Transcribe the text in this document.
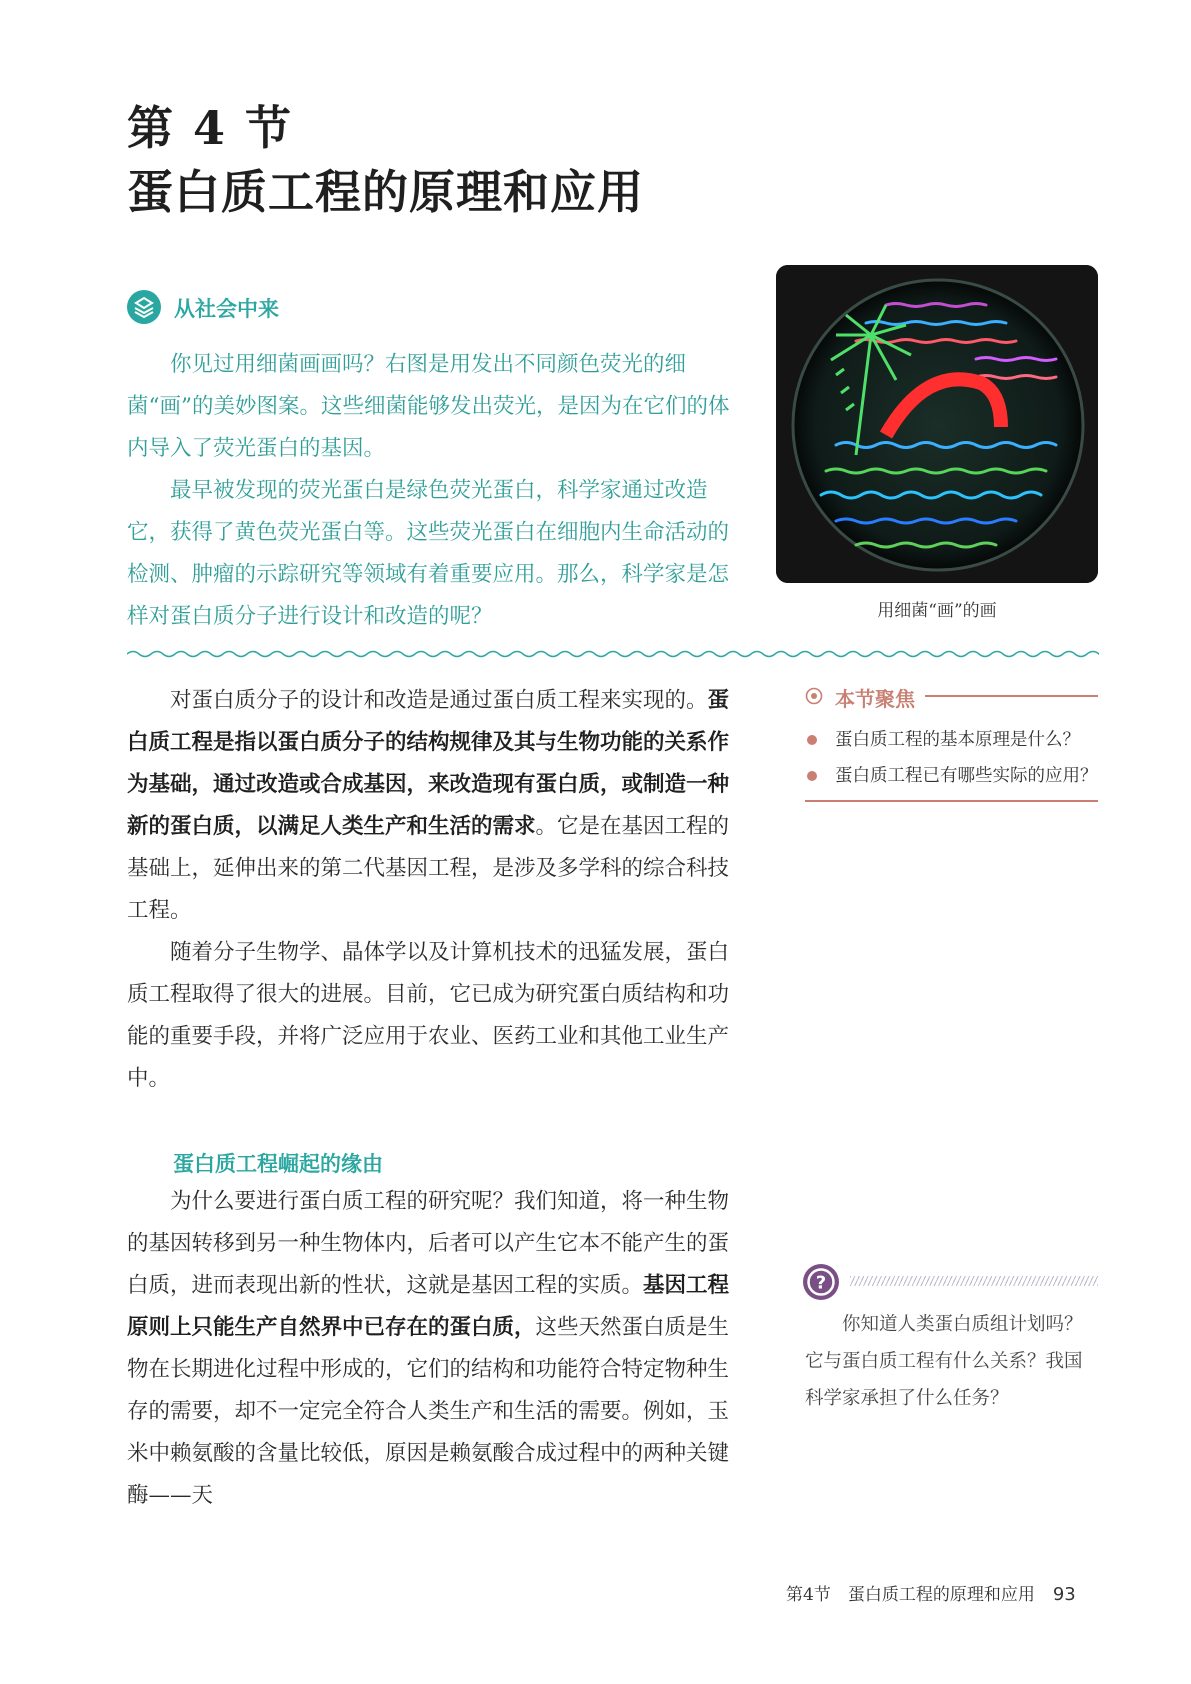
第 4 节
蛋白质工程的原理和应用
从社会中来

你见过用细菌画画吗？右图是用发出不同颜色荧光的细菌“画”的美妙图案。这些细菌能够发出荧光，是因为在它们的体内导入了荧光蛋白的基因。

最早被发现的荧光蛋白是绿色荧光蛋白，科学家通过改造它，获得了黄色荧光蛋白等。这些荧光蛋白在细胞内生命活动的检测、肿瘤的示踪研究等领域有着重要应用。那么，科学家是怎样对蛋白质分子进行设计和改造的呢？	用细菌“画”的画

对蛋白质分子的设计和改造是通过蛋白质工程来实现的。蛋白质工程是指以蛋白质分子的结构规律及其与生物功能的关系作为基础，通过改造或合成基因，来改造现有蛋白质，或制造一种新的蛋白质，以满足人类生产和生活的需求。它是在基因工程的基础上，延伸出来的第二代基因工程，是涉及多学科的综合科技工程。

随着分子生物学、晶体学以及计算机技术的迅猛发展，蛋白质工程取得了很大的进展。目前，它已成为研究蛋白质结构和功能的重要手段，并将广泛应用于农业、医药工业和其他工业生产中。

蛋白质工程崛起的缘由

为什么要进行蛋白质工程的研究呢？我们知道，将一种生物的基因转移到另一种生物体内，后者可以产生它本不能产生的蛋白质，进而表现出新的性状，这就是基因工程的实质。基因工程原则上只能生产自然界中已存在的蛋白质，这些天然蛋白质是生物在长期进化过程中形成的，它们的结构和功能符合特定物种生存的需要，却不一定完全符合人类生产和生活的需要。例如，玉米中赖氨酸的含量比较低，原因是赖氨酸合成过程中的两种关键酶——天

本节聚焦
蛋白质工程的基本原理是什么？
蛋白质工程已有哪些实际的应用？
?

你知道人类蛋白质组计划吗？它与蛋白质工程有什么关系？我国科学家承担了什么任务？

第4节　蛋白质工程的原理和应用 93
